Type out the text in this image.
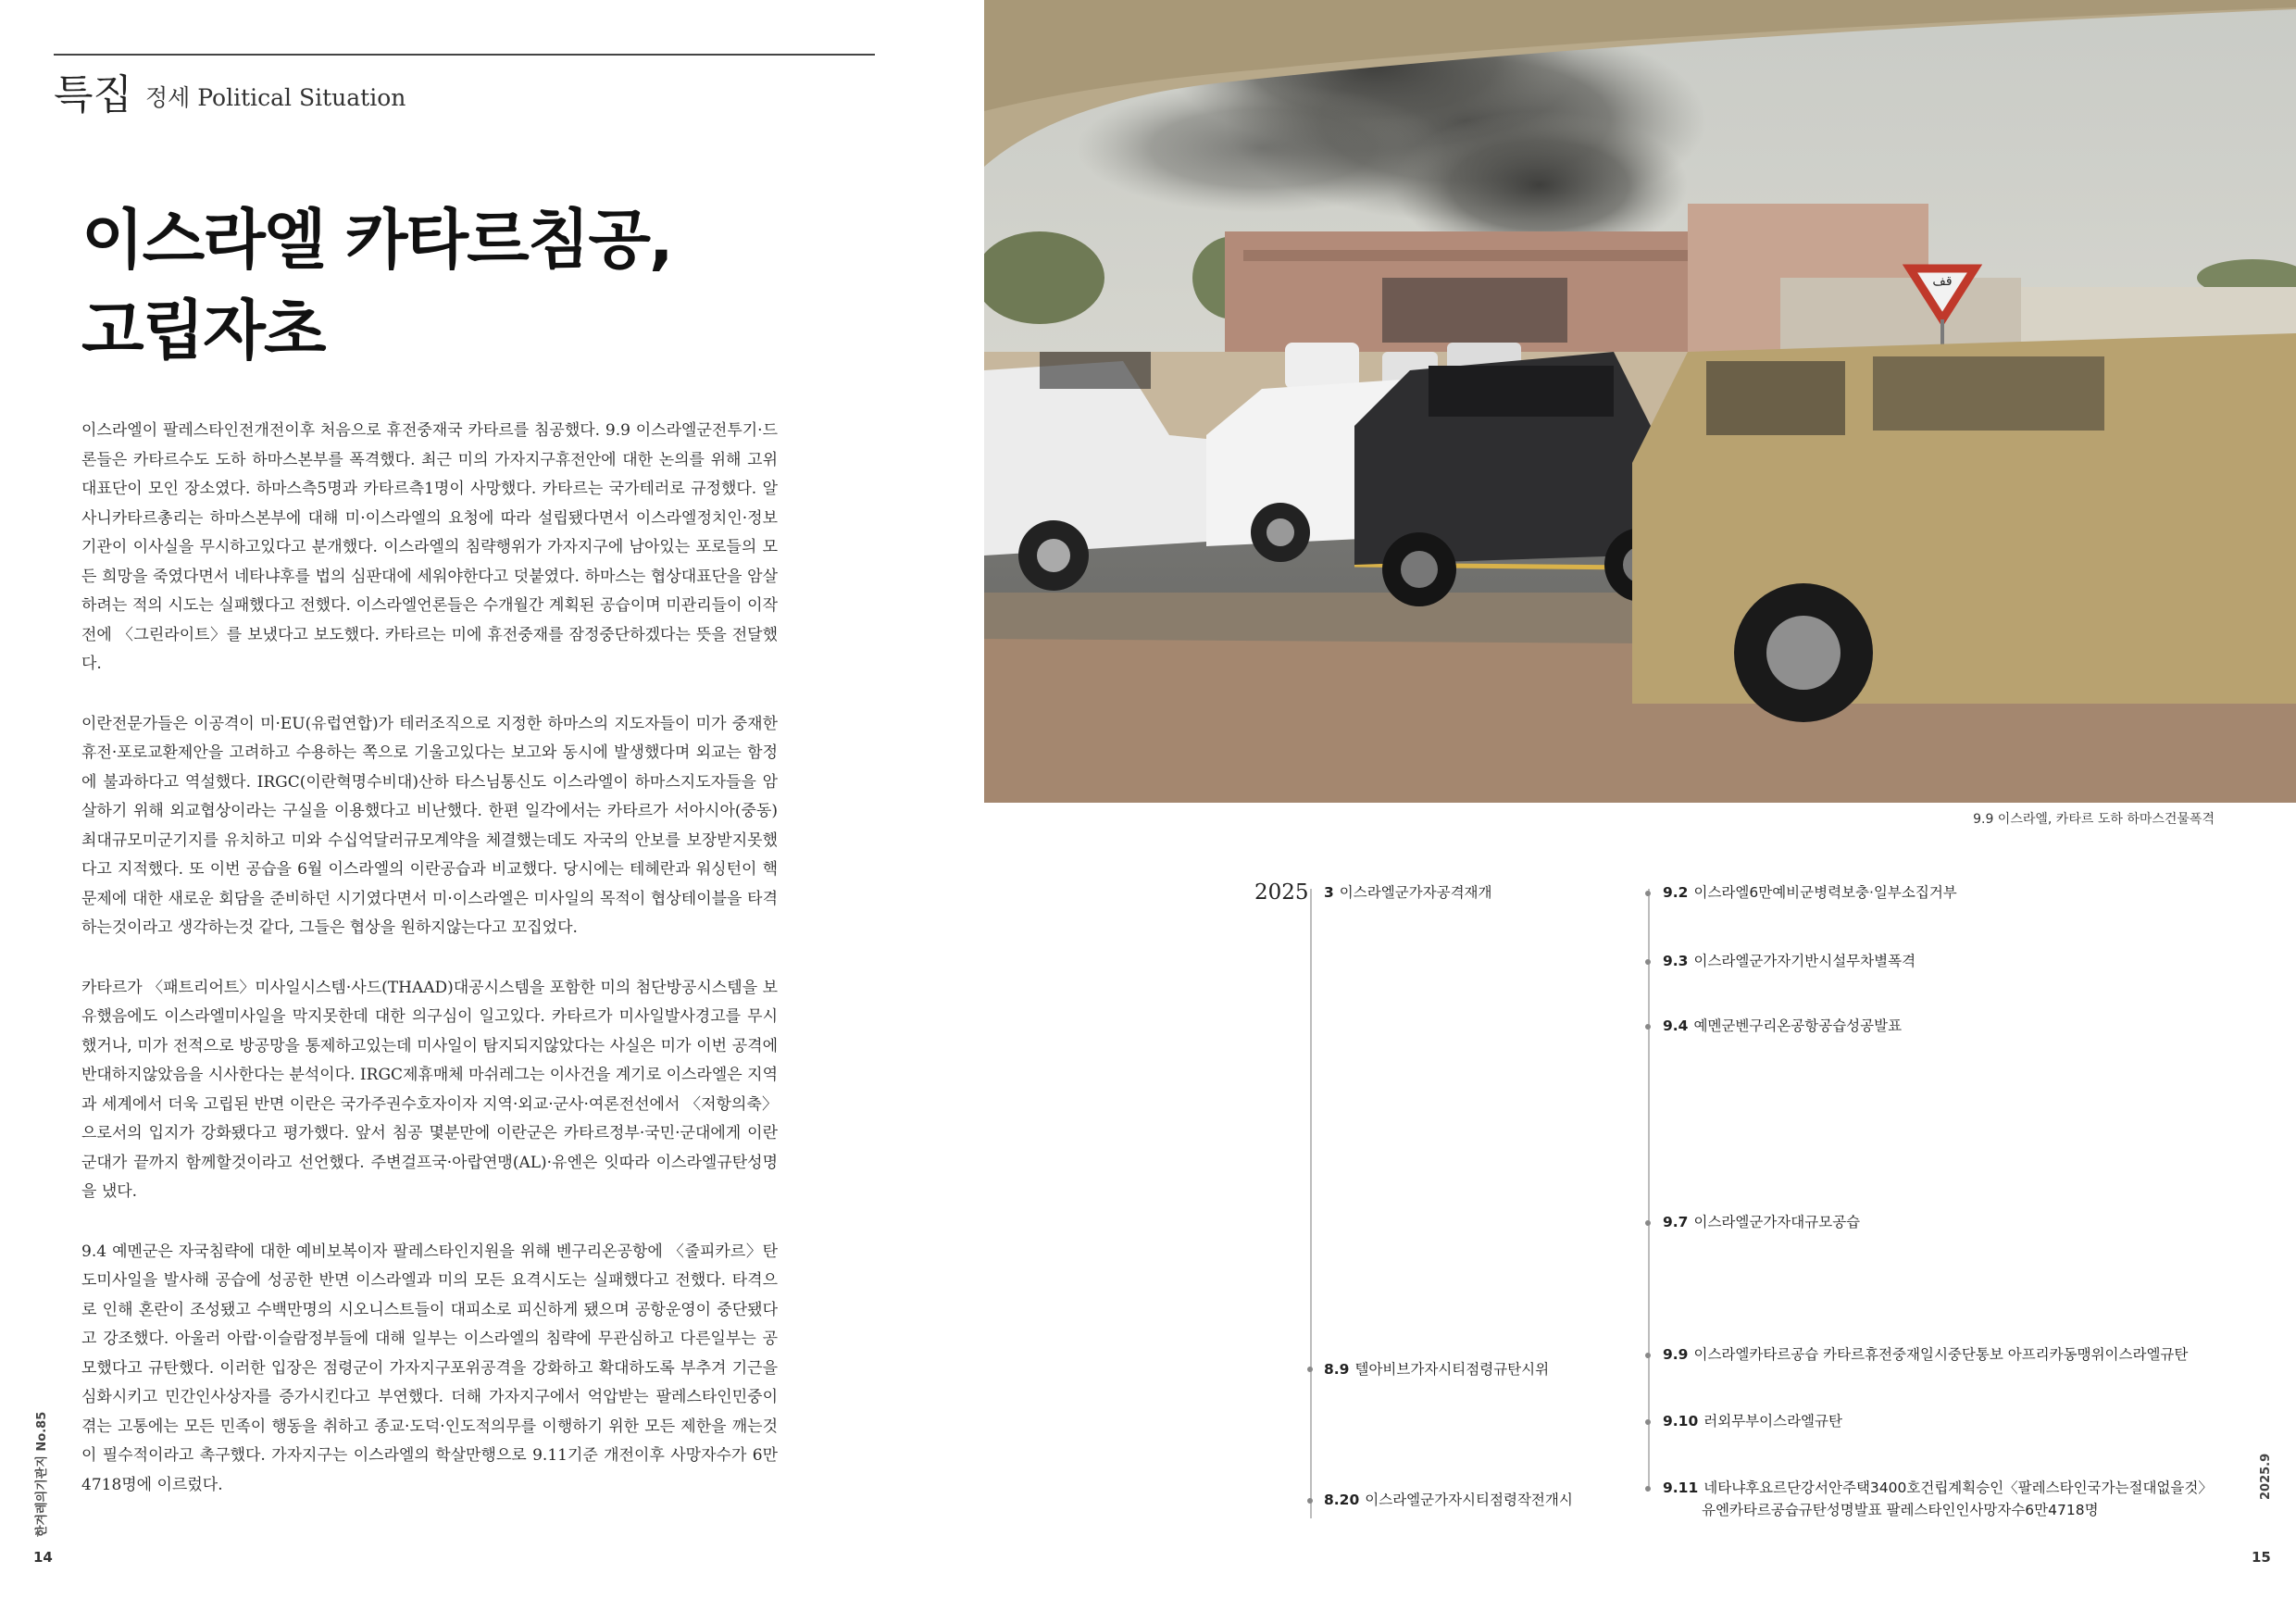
특집 정세 Political Situation
이스라엘 카타르침공,
고립자초

이스라엘이 팔레스타인전개전이후 처음으로 휴전중재국 카타르를 침공했다. 9.9 이스라엘군전투기·드론들은 카타르수도 도하 하마스본부를 폭격했다. 최근 미의 가자지구휴전안에 대한 논의를 위해 고위대표단이 모인 장소였다. 하마스측5명과 카타르측1명이 사망했다. 카타르는 국가테러로 규정했다. 알사니카타르총리는 하마스본부에 대해 미·이스라엘의 요청에 따라 설립됐다면서 이스라엘정치인·정보기관이 이사실을 무시하고있다고 분개했다. 이스라엘의 침략행위가 가자지구에 남아있는 포로들의 모든 희망을 죽였다면서 네타냐후를 법의 심판대에 세워야한다고 덧붙였다. 하마스는 협상대표단을 암살하려는 적의 시도는 실패했다고 전했다. 이스라엘언론들은 수개월간 계획된 공습이며 미관리들이 이작전에 〈그린라이트〉를 보냈다고 보도했다. 카타르는 미에 휴전중재를 잠정중단하겠다는 뜻을 전달했다.

이란전문가들은 이공격이 미·EU(유럽연합)가 테러조직으로 지정한 하마스의 지도자들이 미가 중재한 휴전·포로교환제안을 고려하고 수용하는 쪽으로 기울고있다는 보고와 동시에 발생했다며 외교는 함정에 불과하다고 역설했다. IRGC(이란혁명수비대)산하 타스님통신도 이스라엘이 하마스지도자들을 암살하기 위해 외교협상이라는 구실을 이용했다고 비난했다. 한편 일각에서는 카타르가 서아시아(중동)최대규모미군기지를 유치하고 미와 수십억달러규모계약을 체결했는데도 자국의 안보를 보장받지못했다고 지적했다. 또 이번 공습을 6월 이스라엘의 이란공습과 비교했다. 당시에는 테헤란과 워싱턴이 핵문제에 대한 새로운 회담을 준비하던 시기였다면서 미·이스라엘은 미사일의 목적이 협상테이블을 타격하는것이라고 생각하는것 같다, 그들은 협상을 원하지않는다고 꼬집었다.

카타르가 〈패트리어트〉미사일시스템·사드(THAAD)대공시스템을 포함한 미의 첨단방공시스템을 보유했음에도 이스라엘미사일을 막지못한데 대한 의구심이 일고있다. 카타르가 미사일발사경고를 무시했거나, 미가 전적으로 방공망을 통제하고있는데 미사일이 탐지되지않았다는 사실은 미가 이번 공격에 반대하지않았음을 시사한다는 분석이다. IRGC제휴매체 마쉬레그는 이사건을 계기로 이스라엘은 지역과 세계에서 더욱 고립된 반면 이란은 국가주권수호자이자 지역·외교·군사·여론전선에서 〈저항의축〉으로서의 입지가 강화됐다고 평가했다. 앞서 침공 몇분만에 이란군은 카타르정부·국민·군대에게 이란군대가 끝까지 함께할것이라고 선언했다. 주변걸프국·아랍연맹(AL)·유엔은 잇따라 이스라엘규탄성명을 냈다.

9.4 예멘군은 자국침략에 대한 예비보복이자 팔레스타인지원을 위해 벤구리온공항에 〈줄피카르〉탄도미사일을 발사해 공습에 성공한 반면 이스라엘과 미의 모든 요격시도는 실패했다고 전했다. 타격으로 인해 혼란이 조성됐고 수백만명의 시오니스트들이 대피소로 피신하게 됐으며 공항운영이 중단됐다고 강조했다. 아울러 아랍·이슬람정부들에 대해 일부는 이스라엘의 침략에 무관심하고 다른일부는 공모했다고 규탄했다. 이러한 입장은 점령군이 가자지구포위공격을 강화하고 확대하도록 부추겨 기근을 심화시키고 민간인사상자를 증가시킨다고 부연했다. 더해 가자지구에서 억압받는 팔레스타인민중이 겪는 고통에는 모든 민족이 행동을 취하고 종교·도덕·인도적의무를 이행하기 위한 모든 제한을 깨는것이 필수적이라고 촉구했다. 가자지구는 이스라엘의 학살만행으로 9.11기준 개전이후 사망자수가 6만4718명에 이르렀다.

한겨레의기관지 No.85
14
قف
9.9 이스라엘, 카타르 도하 하마스건물폭격
2025 3 이스라엘군가자공격재개
8.9 텔아비브가자시티점령규탄시위
8.20 이스라엘군가자시티점령작전개시
9.2 이스라엘6만예비군병력보충·일부소집거부
9.3 이스라엘군가자기반시설무차별폭격
9.4 예멘군벤구리온공항공습성공발표
9.7 이스라엘군가자대규모공습
9.9 이스라엘카타르공습 카타르휴전중재일시중단통보 아프리카동맹위이스라엘규탄
9.10 러외무부이스라엘규탄
9.11 네타냐후요르단강서안주택3400호건립계획승인〈팔레스타인국가는절대없을것〉
유엔카타르공습규탄성명발표 팔레스타인인사망자수6만4718명
2025.9
15
